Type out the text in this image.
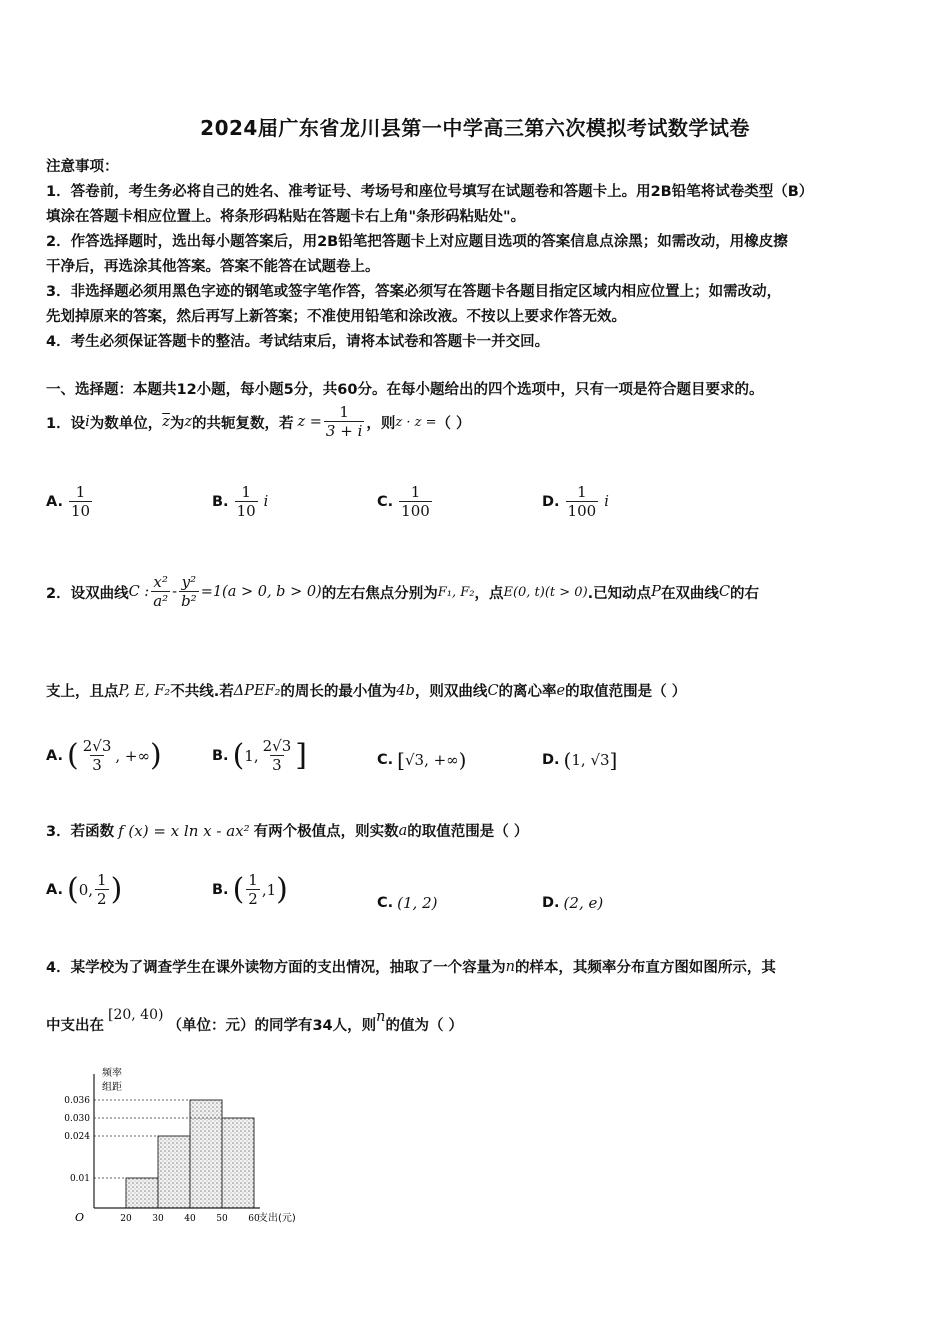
2024届广东省龙川县第一中学高三第六次模拟考试数学试卷
注意事项：
1．答卷前，考生务必将自己的姓名、准考证号、考场号和座位号填写在试题卷和答题卡上。用2B铅笔将试卷类型（B）
填涂在答题卡相应位置上。将条形码粘贴在答题卡右上角"条形码粘贴处"。
2．作答选择题时，选出每小题答案后，用2B铅笔把答题卡上对应题目选项的答案信息点涂黑；如需改动，用橡皮擦
干净后，再选涂其他答案。答案不能答在试题卷上。
3．非选择题必须用黑色字迹的钢笔或签字笔作答，答案必须写在答题卡各题目指定区域内相应位置上；如需改动，
先划掉原来的答案，然后再写上新答案；不准使用铅笔和涂改液。不按以上要求作答无效。
4．考生必须保证答题卡的整洁。考试结束后，请将本试卷和答题卡一并交回。
一、选择题：本题共12小题，每小题5分，共60分。在每小题给出的四个选项中，只有一项是符合题目要求的。
1．设 i 为数单位， $\overline{z}$ 为 z 的共轭复数，若 $z = \frac{1}{3 + i}$ ，则 z · z = （ ）
A. $\frac{1}{10}$	B. $\frac{1}{10}$ i	C. $\frac{1}{100}$	D. $\frac{1}{100}$ i
2．设双曲线 C : $\frac{\text{x²}}{\text{a²}} - \frac{\text{y²}}{\text{b²}} =1(a > 0$, b > 0) 的左右焦点分别为 F₁, F₂ ，点 E(0, t)(t > 0) .已知动点 P 在双曲线 C 的右
支上，且点 P, E, F₂ 不共线.若 ΔPEF₂ 的周长的最小值为 4b ，则双曲线 C 的离心率 e 的取值范围是（ ）
A. ( $\frac{2√3}{3}$ , +∞ )	B. ( 1, $\frac{2√3}{3}$ ]	C. [ √3, +∞ )	D. ( 1, √3 ]
3．若函数 f (x) = x ln x - ax² 有两个极值点，则实数 a 的取值范围是（ ）
A. ( 0, $\frac{1}{2}$ )	B. ( $\frac{1}{2} ,1$ )	C. (1, 2)	D. (2, e)
4．某学校为了调查学生在课外读物方面的支出情况，抽取了一个容量为 n 的样本，其频率分布直方图如图所示，其
中支出在
[20, 40)
（单位：元）的同学有34人，则
n
的值为（ ）
频率
组距
支出(元)
O	20 30 40 50 60
0.036
0.030
0.024
0.01
